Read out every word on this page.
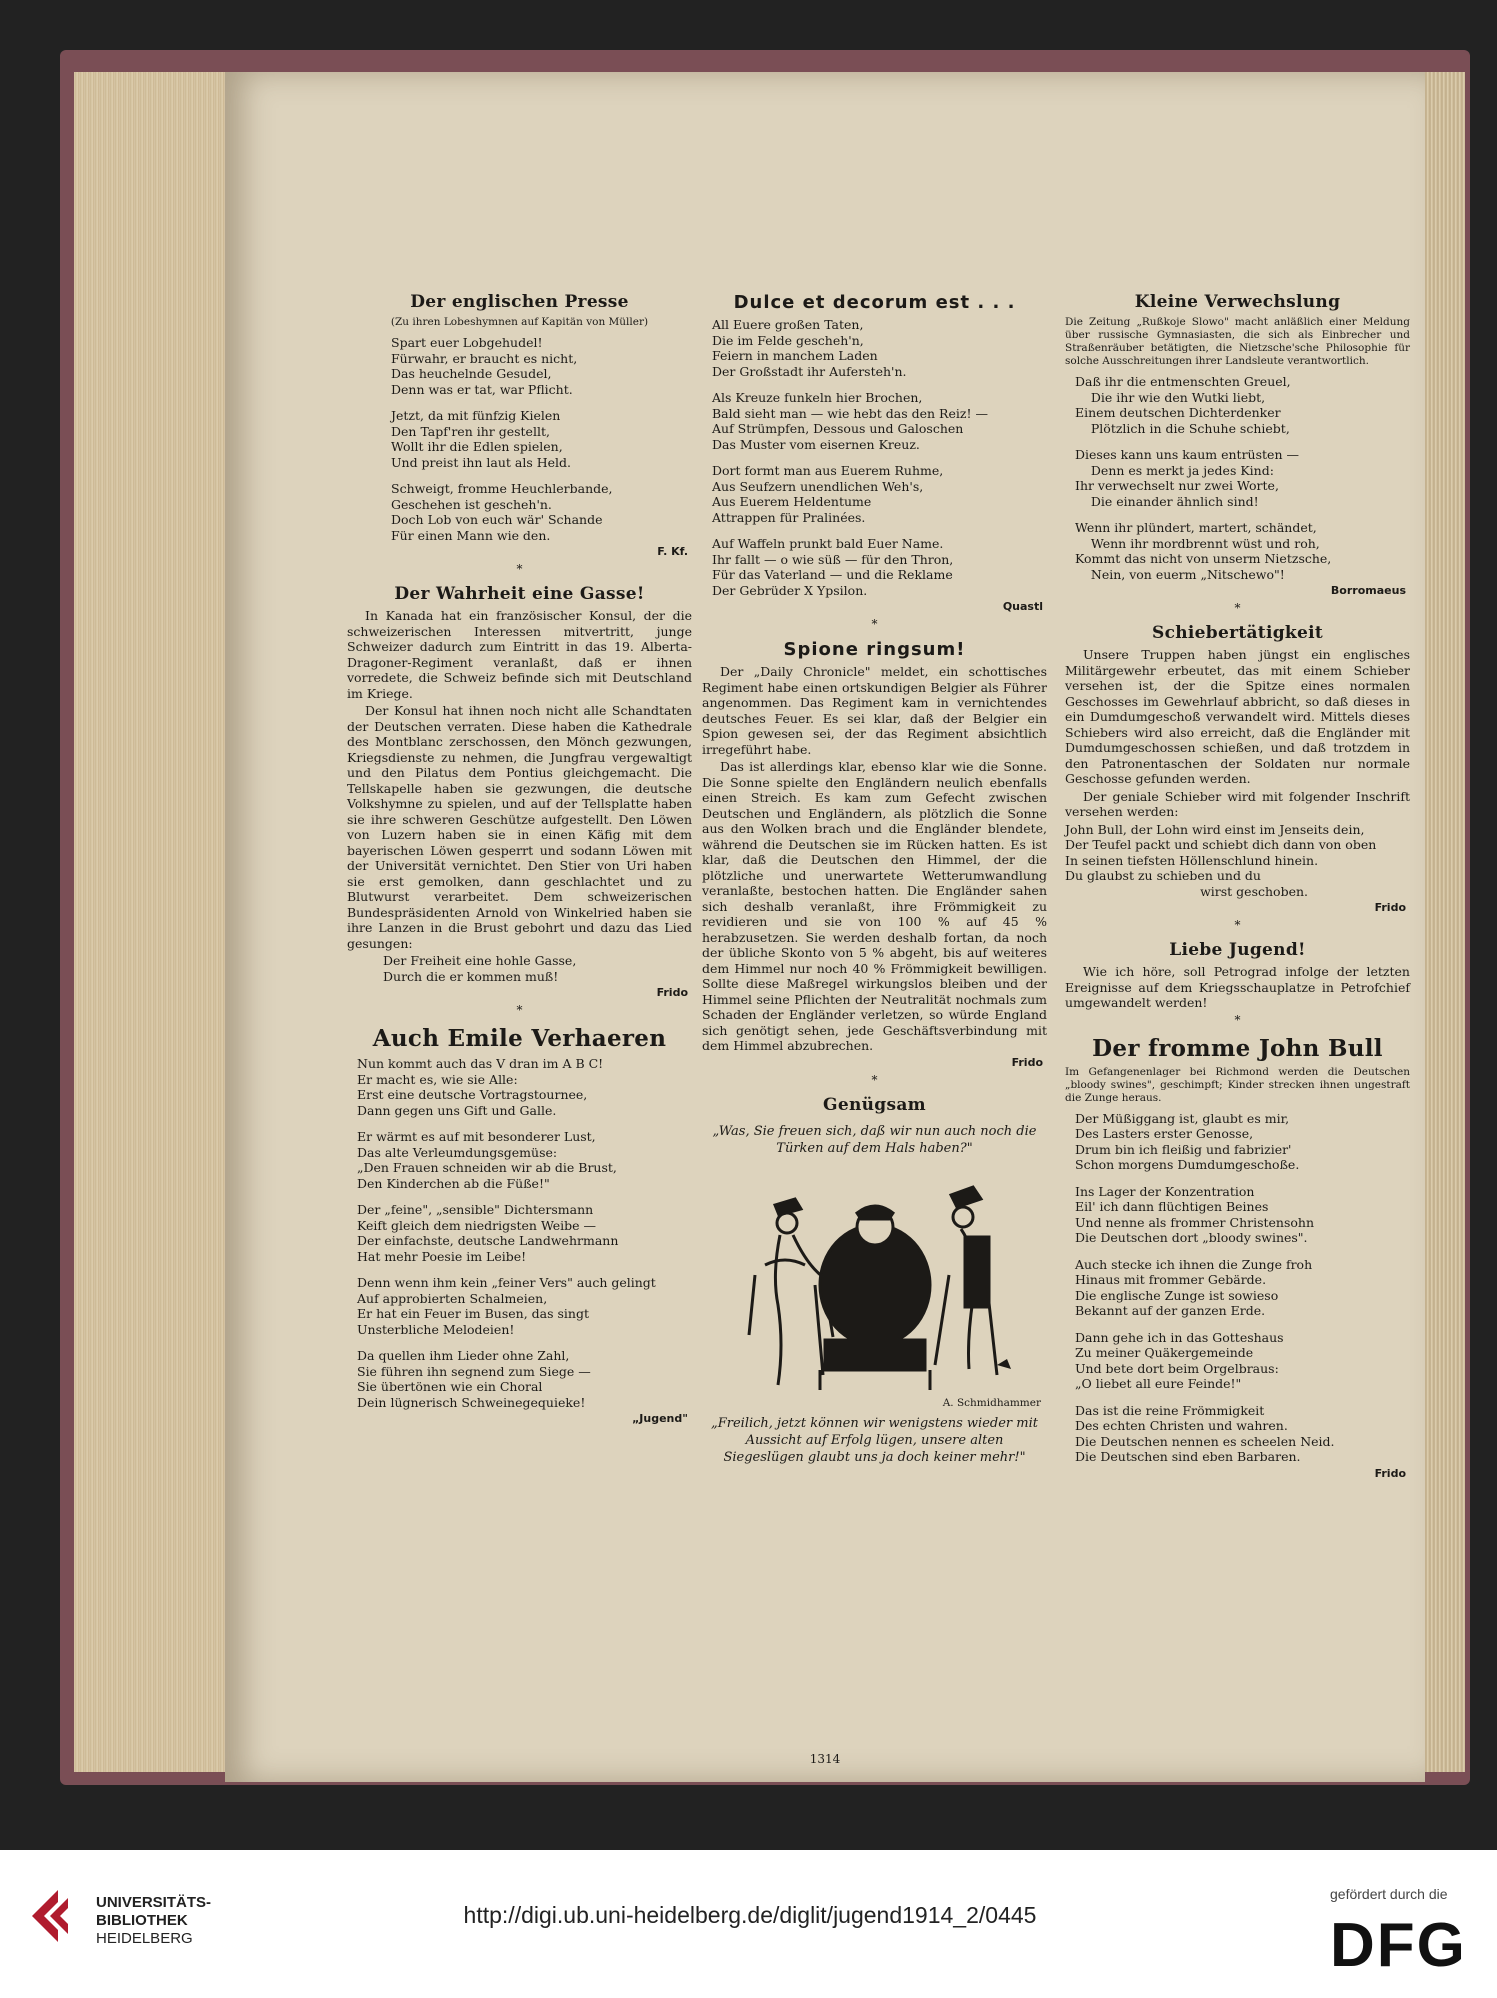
Der englischen Presse
(Zu ihren Lobeshymnen auf Kapitän von Müller)
Spart euer Lobgehudel!
Fürwahr, er braucht es nicht,
Das heuchelnde Gesudel,
Denn was er tat, war Pflicht.
Jetzt, da mit fünfzig Kielen
Den Tapf'ren ihr gestellt,
Wollt ihr die Edlen spielen,
Und preist ihn laut als Held.
Schweigt, fromme Heuchlerbande,
Geschehen ist gescheh'n.
Doch Lob von euch wär' Schande
Für einen Mann wie den.
F. Kf.
*
Der Wahrheit eine Gasse!

In Kanada hat ein französischer Konsul, der die schweizerischen Interessen mitvertritt, junge Schweizer dadurch zum Eintritt in das 19. Alberta-Dragoner-Regiment veranlaßt, daß er ihnen vorredete, die Schweiz befinde sich mit Deutschland im Kriege.

Der Konsul hat ihnen noch nicht alle Schandtaten der Deutschen verraten. Diese haben die Kathedrale des Montblanc zerschossen, den Mönch gezwungen, Kriegsdienste zu nehmen, die Jungfrau vergewaltigt und den Pilatus dem Pontius gleichgemacht. Die Tellskapelle haben sie gezwungen, die deutsche Volkshymne zu spielen, und auf der Tellsplatte haben sie ihre schweren Geschütze aufgestellt. Den Löwen von Luzern haben sie in einen Käfig mit dem bayerischen Löwen gesperrt und sodann Löwen mit der Universität vernichtet. Den Stier von Uri haben sie erst gemolken, dann geschlachtet und zu Blutwurst verarbeitet. Dem schweizerischen Bundespräsidenten Arnold von Winkelried haben sie ihre Lanzen in die Brust gebohrt und dazu das Lied gesungen:

Der Freiheit eine hohle Gasse,
Durch die er kommen muß!
Frido
*
Auch Emile Verhaeren
Nun kommt auch das V dran im A B C!
Er macht es, wie sie Alle:
Erst eine deutsche Vortragstournee,
Dann gegen uns Gift und Galle.
Er wärmt es auf mit besonderer Lust,
Das alte Verleumdungsgemüse:
„Den Frauen schneiden wir ab die Brust,
Den Kinderchen ab die Füße!"
Der „feine", „sensible" Dichtersmann
Keift gleich dem niedrigsten Weibe —
Der einfachste, deutsche Landwehrmann
Hat mehr Poesie im Leibe!
Denn wenn ihm kein „feiner Vers" auch gelingt
Auf approbierten Schalmeien,
Er hat ein Feuer im Busen, das singt
Unsterbliche Melodeien!
Da quellen ihm Lieder ohne Zahl,
Sie führen ihn segnend zum Siege —
Sie übertönen wie ein Choral
Dein lügnerisch Schweinegequieke!
„Jugend"
Dulce et decorum est . . .
All Euere großen Taten,
Die im Felde gescheh'n,
Feiern in manchem Laden
Der Großstadt ihr Aufersteh'n.
Als Kreuze funkeln hier Brochen,
Bald sieht man — wie hebt das den Reiz! —
Auf Strümpfen, Dessous und Galoschen
Das Muster vom eisernen Kreuz.
Dort formt man aus Euerem Ruhme,
Aus Seufzern unendlichen Weh's,
Aus Euerem Heldentume
Attrappen für Pralinées.
Auf Waffeln prunkt bald Euer Name.
Ihr fallt — o wie süß — für den Thron,
Für das Vaterland — und die Reklame
Der Gebrüder X Ypsilon.
Quastl
*
Spione ringsum!

Der „Daily Chronicle" meldet, ein schottisches Regiment habe einen ortskundigen Belgier als Führer angenommen. Das Regiment kam in vernichtendes deutsches Feuer. Es sei klar, daß der Belgier ein Spion gewesen sei, der das Regiment absichtlich irregeführt habe.

Das ist allerdings klar, ebenso klar wie die Sonne. Die Sonne spielte den Engländern neulich ebenfalls einen Streich. Es kam zum Gefecht zwischen Deutschen und Engländern, als plötzlich die Sonne aus den Wolken brach und die Engländer blendete, während die Deutschen sie im Rücken hatten. Es ist klar, daß die Deutschen den Himmel, der die plötzliche und unerwartete Wetterumwandlung veranlaßte, bestochen hatten. Die Engländer sahen sich deshalb veranlaßt, ihre Frömmigkeit zu revidieren und sie von 100 % auf 45 % herabzusetzen. Sie werden deshalb fortan, da noch der übliche Skonto von 5 % abgeht, bis auf weiteres dem Himmel nur noch 40 % Frömmigkeit bewilligen. Sollte diese Maßregel wirkungslos bleiben und der Himmel seine Pflichten der Neutralität nochmals zum Schaden der Engländer verletzen, so würde England sich genötigt sehen, jede Geschäftsverbindung mit dem Himmel abzubrechen.

Frido
*
Genügsam
„Was, Sie freuen sich, daß wir nun auch noch die Türken auf dem Hals haben?"
A. Schmidhammer
„Freilich, jetzt können wir wenigstens wieder mit Aussicht auf Erfolg lügen, unsere alten Siegeslügen glaubt uns ja doch keiner mehr!"
Kleine Verwechslung
Die Zeitung „Rußkoje Slowo" macht anläßlich einer Meldung über russische Gymnasiasten, die sich als Einbrecher und Straßenräuber betätigten, die Nietzsche'sche Philosophie für solche Ausschreitungen ihrer Landsleute verantwortlich.
Daß ihr die entmenschten Greuel,
Die ihr wie den Wutki liebt,
Einem deutschen Dichterdenker
Plötzlich in die Schuhe schiebt,
Dieses kann uns kaum entrüsten —
Denn es merkt ja jedes Kind:
Ihr verwechselt nur zwei Worte,
Die einander ähnlich sind!
Wenn ihr plündert, martert, schändet,
Wenn ihr mordbrennt wüst und roh,
Kommt das nicht von unserm Nietzsche,
Nein, von euerm „Nitschewo"!
Borromaeus
*
Schiebertätigkeit

Unsere Truppen haben jüngst ein englisches Militärgewehr erbeutet, das mit einem Schieber versehen ist, der die Spitze eines normalen Geschosses im Gewehrlauf abbricht, so daß dieses in ein Dumdumgeschoß verwandelt wird. Mittels dieses Schiebers wird also erreicht, daß die Engländer mit Dumdumgeschossen schießen, und daß trotzdem in den Patronentaschen der Soldaten nur normale Geschosse gefunden werden.

Der geniale Schieber wird mit folgender Inschrift versehen werden:

John Bull, der Lohn wird einst im Jenseits dein,
Der Teufel packt und schiebt dich dann von oben
In seinen tiefsten Höllenschlund hinein.
Du glaubst zu schieben und du
wirst geschoben.
Frido
*
Liebe Jugend!

Wie ich höre, soll Petrograd infolge der letzten Ereignisse auf dem Kriegsschauplatze in Petrofchief umgewandelt werden!

*
Der fromme John Bull
Im Gefangenenlager bei Richmond werden die Deutschen „bloody swines", geschimpft; Kinder strecken ihnen ungestraft die Zunge heraus.
Der Müßiggang ist, glaubt es mir,
Des Lasters erster Genosse,
Drum bin ich fleißig und fabrizier'
Schon morgens Dumdumgeschoße.
Ins Lager der Konzentration
Eil' ich dann flüchtigen Beines
Und nenne als frommer Christensohn
Die Deutschen dort „bloody swines".
Auch stecke ich ihnen die Zunge froh
Hinaus mit frommer Gebärde.
Die englische Zunge ist sowieso
Bekannt auf der ganzen Erde.
Dann gehe ich in das Gotteshaus
Zu meiner Quäkergemeinde
Und bete dort beim Orgelbraus:
„O liebet all eure Feinde!"
Das ist die reine Frömmigkeit
Des echten Christen und wahren.
Die Deutschen nennen es scheelen Neid.
Die Deutschen sind eben Barbaren.
Frido
1314
UNIVERSITÄTS-
BIBLIOTHEK
HEIDELBERG
http://digi.ub.uni-heidelberg.de/diglit/jugend1914_2/0445
gefördert durch die
DFG
